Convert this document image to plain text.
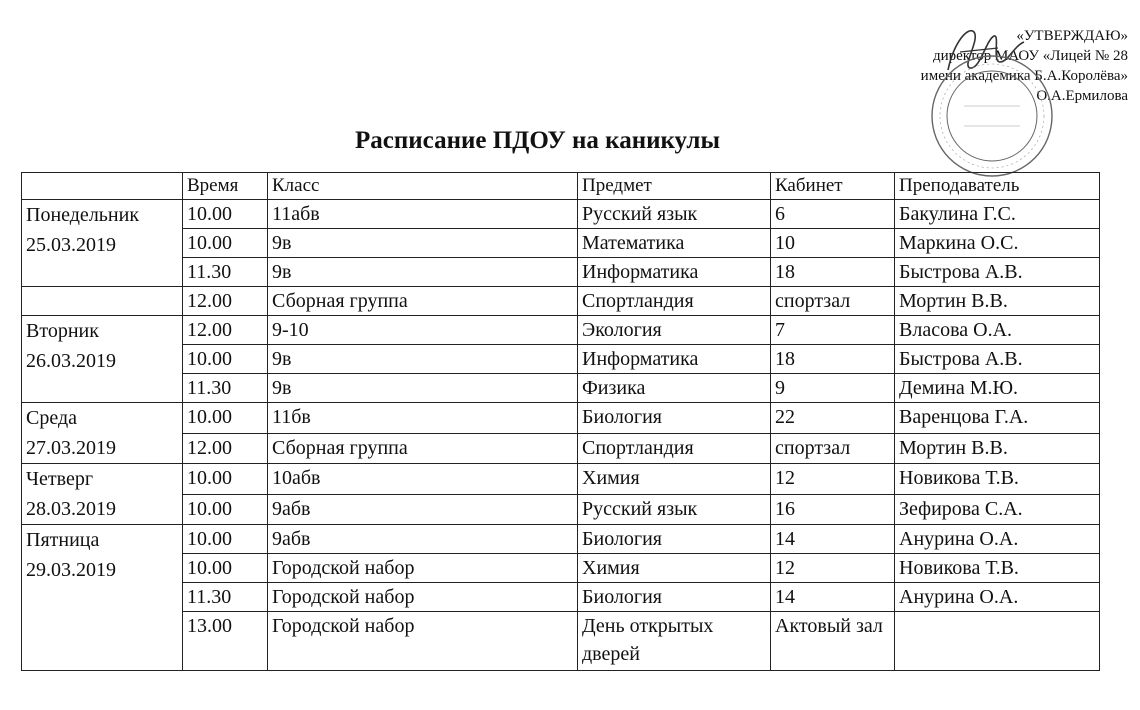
«УТВЕРЖДАЮ»
директор МАОУ «Лицей № 28
имени академика Б.А.Королёва»
О.А.Ермилова
Расписание ПДОУ на каникулы
	Время	Класс	Предмет	Кабинет	Преподаватель
Понедельник
25.03.2019	10.00	11абв	Русский язык	6	Бакулина Г.С.
	10.00	9в	Математика	10	Маркина О.С.
	11.30	9в	Информатика	18	Быстрова А.В.
	12.00	Сборная группа	Спортландия	спортзал	Мортин В.В.
Вторник
26.03.2019	12.00	9-10	Экология	7	Власова О.А.
	10.00	9в	Информатика	18	Быстрова А.В.
	11.30	9в	Физика	9	Демина М.Ю.
Среда
27.03.2019	10.00	11бв	Биология	22	Варенцова Г.А.
	12.00	Сборная группа	Спортландия	спортзал	Мортин В.В.
Четверг
28.03.2019	10.00	10абв	Химия	12	Новикова Т.В.
	10.00	9абв	Русский язык	16	Зефирова С.А.
Пятница
29.03.2019	10.00	9абв	Биология	14	Анурина О.А.
	10.00	Городской набор	Химия	12	Новикова Т.В.
	11.30	Городской набор	Биология	14	Анурина О.А.
	13.00	Городской набор	День открытых дверей	Актовый зал	
